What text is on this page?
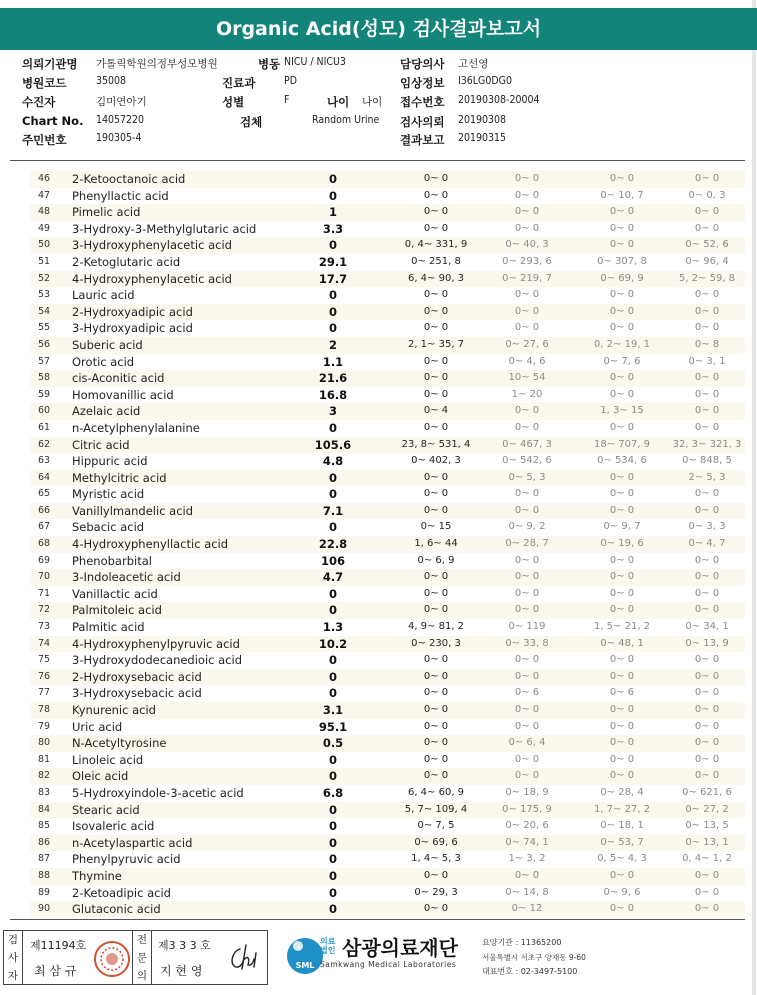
Organic Acid(성모) 검사결과보고서
의뢰기관명 가톨릭학원의정부성모병원	병동 NICU / NICU3	담당의사 고선영
병원코드	35008	진료과	PD	임상정보 I36LG0DG0
수진자	김미연아기	성별	F	나이 나이 접수번호 20190308-20004
Chart No. 14057220	검체	Random Urine 검사의뢰 20190308
주민번호	190305-4	결과보고 20190315
46	2-Ketooctanoic acid	0	0~ 0	0~ 0	0~ 0	0~ 0
47	Phenyllactic acid	0	0~ 0	0~ 0	0~ 10, 7	0~ 0, 3
48	Pimelic acid	1	0~ 0	0~ 0	0~ 0	0~ 0
49	3-Hydroxy-3-Methylglutaric acid	3.3	0~ 0	0~ 0	0~ 0	0~ 0
50	3-Hydroxyphenylacetic acid	0	0, 4~ 331, 9	0~ 40, 3	0~ 0	0~ 52, 6
51	2-Ketoglutaric acid	29.1	0~ 251, 8	0~ 293, 6	0~ 307, 8	0~ 96, 4
52	4-Hydroxyphenylacetic acid	17.7	6, 4~ 90, 3	0~ 219, 7	0~ 69, 9	5, 2~ 59, 8
53	Lauric acid	0	0~ 0	0~ 0	0~ 0	0~ 0
54	2-Hydroxyadipic acid	0	0~ 0	0~ 0	0~ 0	0~ 0
55	3-Hydroxyadipic acid	0	0~ 0	0~ 0	0~ 0	0~ 0
56	Suberic acid	2	2, 1~ 35, 7	0~ 27, 6	0, 2~ 19, 1	0~ 8
57	Orotic acid	1.1	0~ 0	0~ 4, 6	0~ 7, 6	0~ 3, 1
58	cis-Aconitic acid	21.6	0~ 0	10~ 54	0~ 0	0~ 0
59	Homovanillic acid	16.8	0~ 0	1~ 20	0~ 0	0~ 0
60	Azelaic acid	3	0~ 4	0~ 0	1, 3~ 15	0~ 0
61	n-Acetylphenylalanine	0	0~ 0	0~ 0	0~ 0	0~ 0
62	Citric acid	105.6	23, 8~ 531, 4	0~ 467, 3	18~ 707, 9	32, 3~ 321, 3
63	Hippuric acid	4.8	0~ 402, 3	0~ 542, 6	0~ 534, 6	0~ 848, 5
64	Methylcitric acid	0	0~ 0	0~ 5, 3	0~ 0	2~ 5, 3
65	Myristic acid	0	0~ 0	0~ 0	0~ 0	0~ 0
66	Vanillylmandelic acid	7.1	0~ 0	0~ 0	0~ 0	0~ 0
67	Sebacic acid	0	0~ 15	0~ 9, 2	0~ 9, 7	0~ 3, 3
68	4-Hydroxyphenyllactic acid	22.8	1, 6~ 44	0~ 28, 7	0~ 19, 6	0~ 4, 7
69	Phenobarbital	106	0~ 6, 9	0~ 0	0~ 0	0~ 0
70	3-Indoleacetic acid	4.7	0~ 0	0~ 0	0~ 0	0~ 0
71	Vanillactic acid	0	0~ 0	0~ 0	0~ 0	0~ 0
72	Palmitoleic acid	0	0~ 0	0~ 0	0~ 0	0~ 0
73	Palmitic acid	1.3	4, 9~ 81, 2	0~ 119	1, 5~ 21, 2	0~ 34, 1
74	4-Hydroxyphenylpyruvic acid	10.2	0~ 230, 3	0~ 33, 8	0~ 48, 1	0~ 13, 9
75	3-Hydroxydodecanedioic acid	0	0~ 0	0~ 0	0~ 0	0~ 0
76	2-Hydroxysebacic acid	0	0~ 0	0~ 0	0~ 0	0~ 0
77	3-Hydroxysebacic acid	0	0~ 0	0~ 6	0~ 6	0~ 0
78	Kynurenic acid	3.1	0~ 0	0~ 0	0~ 0	0~ 0
79	Uric acid	95.1	0~ 0	0~ 0	0~ 0	0~ 0
80	N-Acetyltyrosine	0.5	0~ 0	0~ 6, 4	0~ 0	0~ 0
81	Linoleic acid	0	0~ 0	0~ 0	0~ 0	0~ 0
82	Oleic acid	0	0~ 0	0~ 0	0~ 0	0~ 0
83	5-Hydroxyindole-3-acetic acid	6.8	6, 4~ 60, 9	0~ 18, 9	0~ 28, 4	0~ 621, 6
84	Stearic acid	0	5, 7~ 109, 4	0~ 175, 9	1, 7~ 27, 2	0~ 27, 2
85	Isovaleric acid	0	0~ 7, 5	0~ 20, 6	0~ 18, 1	0~ 13, 5
86	n-Acetylaspartic acid	0	0~ 69, 6	0~ 74, 1	0~ 53, 7	0~ 13, 1
87	Phenylpyruvic acid	0	1, 4~ 5, 3	1~ 3, 2	0, 5~ 4, 3	0, 4~ 1, 2
88	Thymine	0	0~ 0	0~ 0	0~ 0	0~ 0
89	2-Ketoadipic acid	0	0~ 29, 3	0~ 14, 8	0~ 9, 6	0~ 0
90	Glutaconic acid	0	0~ 0	0~ 12	0~ 0	0~ 0
검
사
자
제11194호
최 삼 규
전
문
의
제3 3 3 호
지 현 영	SML
의료
법인 삼광의료재단
Samkwang Medical Laboratories
요양기관 : 11365200
서울특별시 서초구 양재동 9-60
대표번호 : 02-3497-5100
